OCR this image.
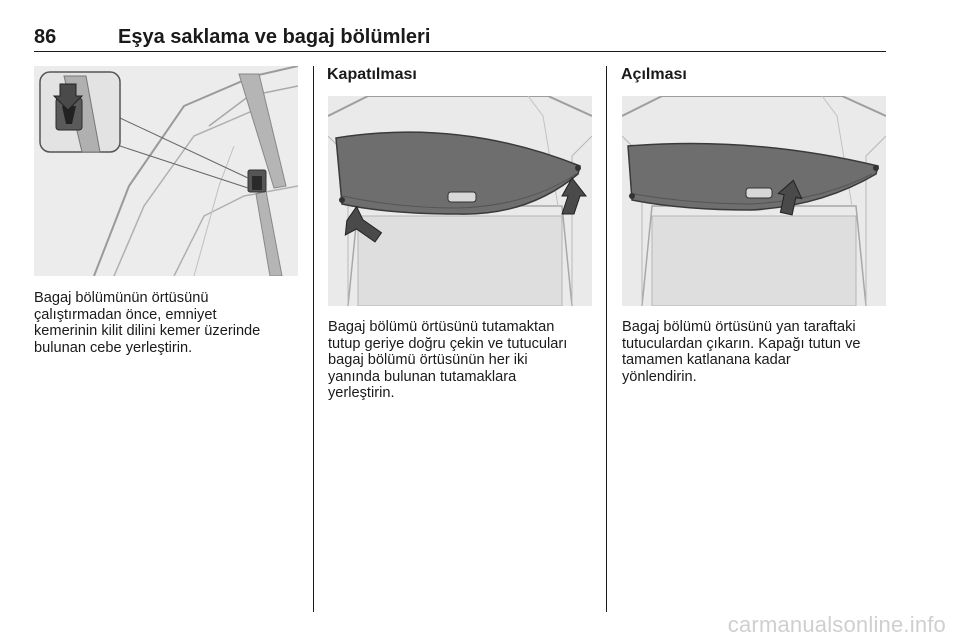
86	Eşya saklama ve bagaj bölümleri
Bagaj bölümünün örtüsünü
çalıştırmadan önce, emniyet
kemerinin kilit dilini kemer üzerinde
bulunan cebe yerleştirin.
Kapatılması
Bagaj bölümü örtüsünü tutamaktan
tutup geriye doğru çekin ve tutucuları
bagaj bölümü örtüsünün her iki
yanında bulunan tutamaklara
yerleştirin.
Açılması
Bagaj bölümü örtüsünü yan taraftaki
tutuculardan çıkarın. Kapağı tutun ve
tamamen katlanana kadar
yönlendirin.
carmanualsonline.info
